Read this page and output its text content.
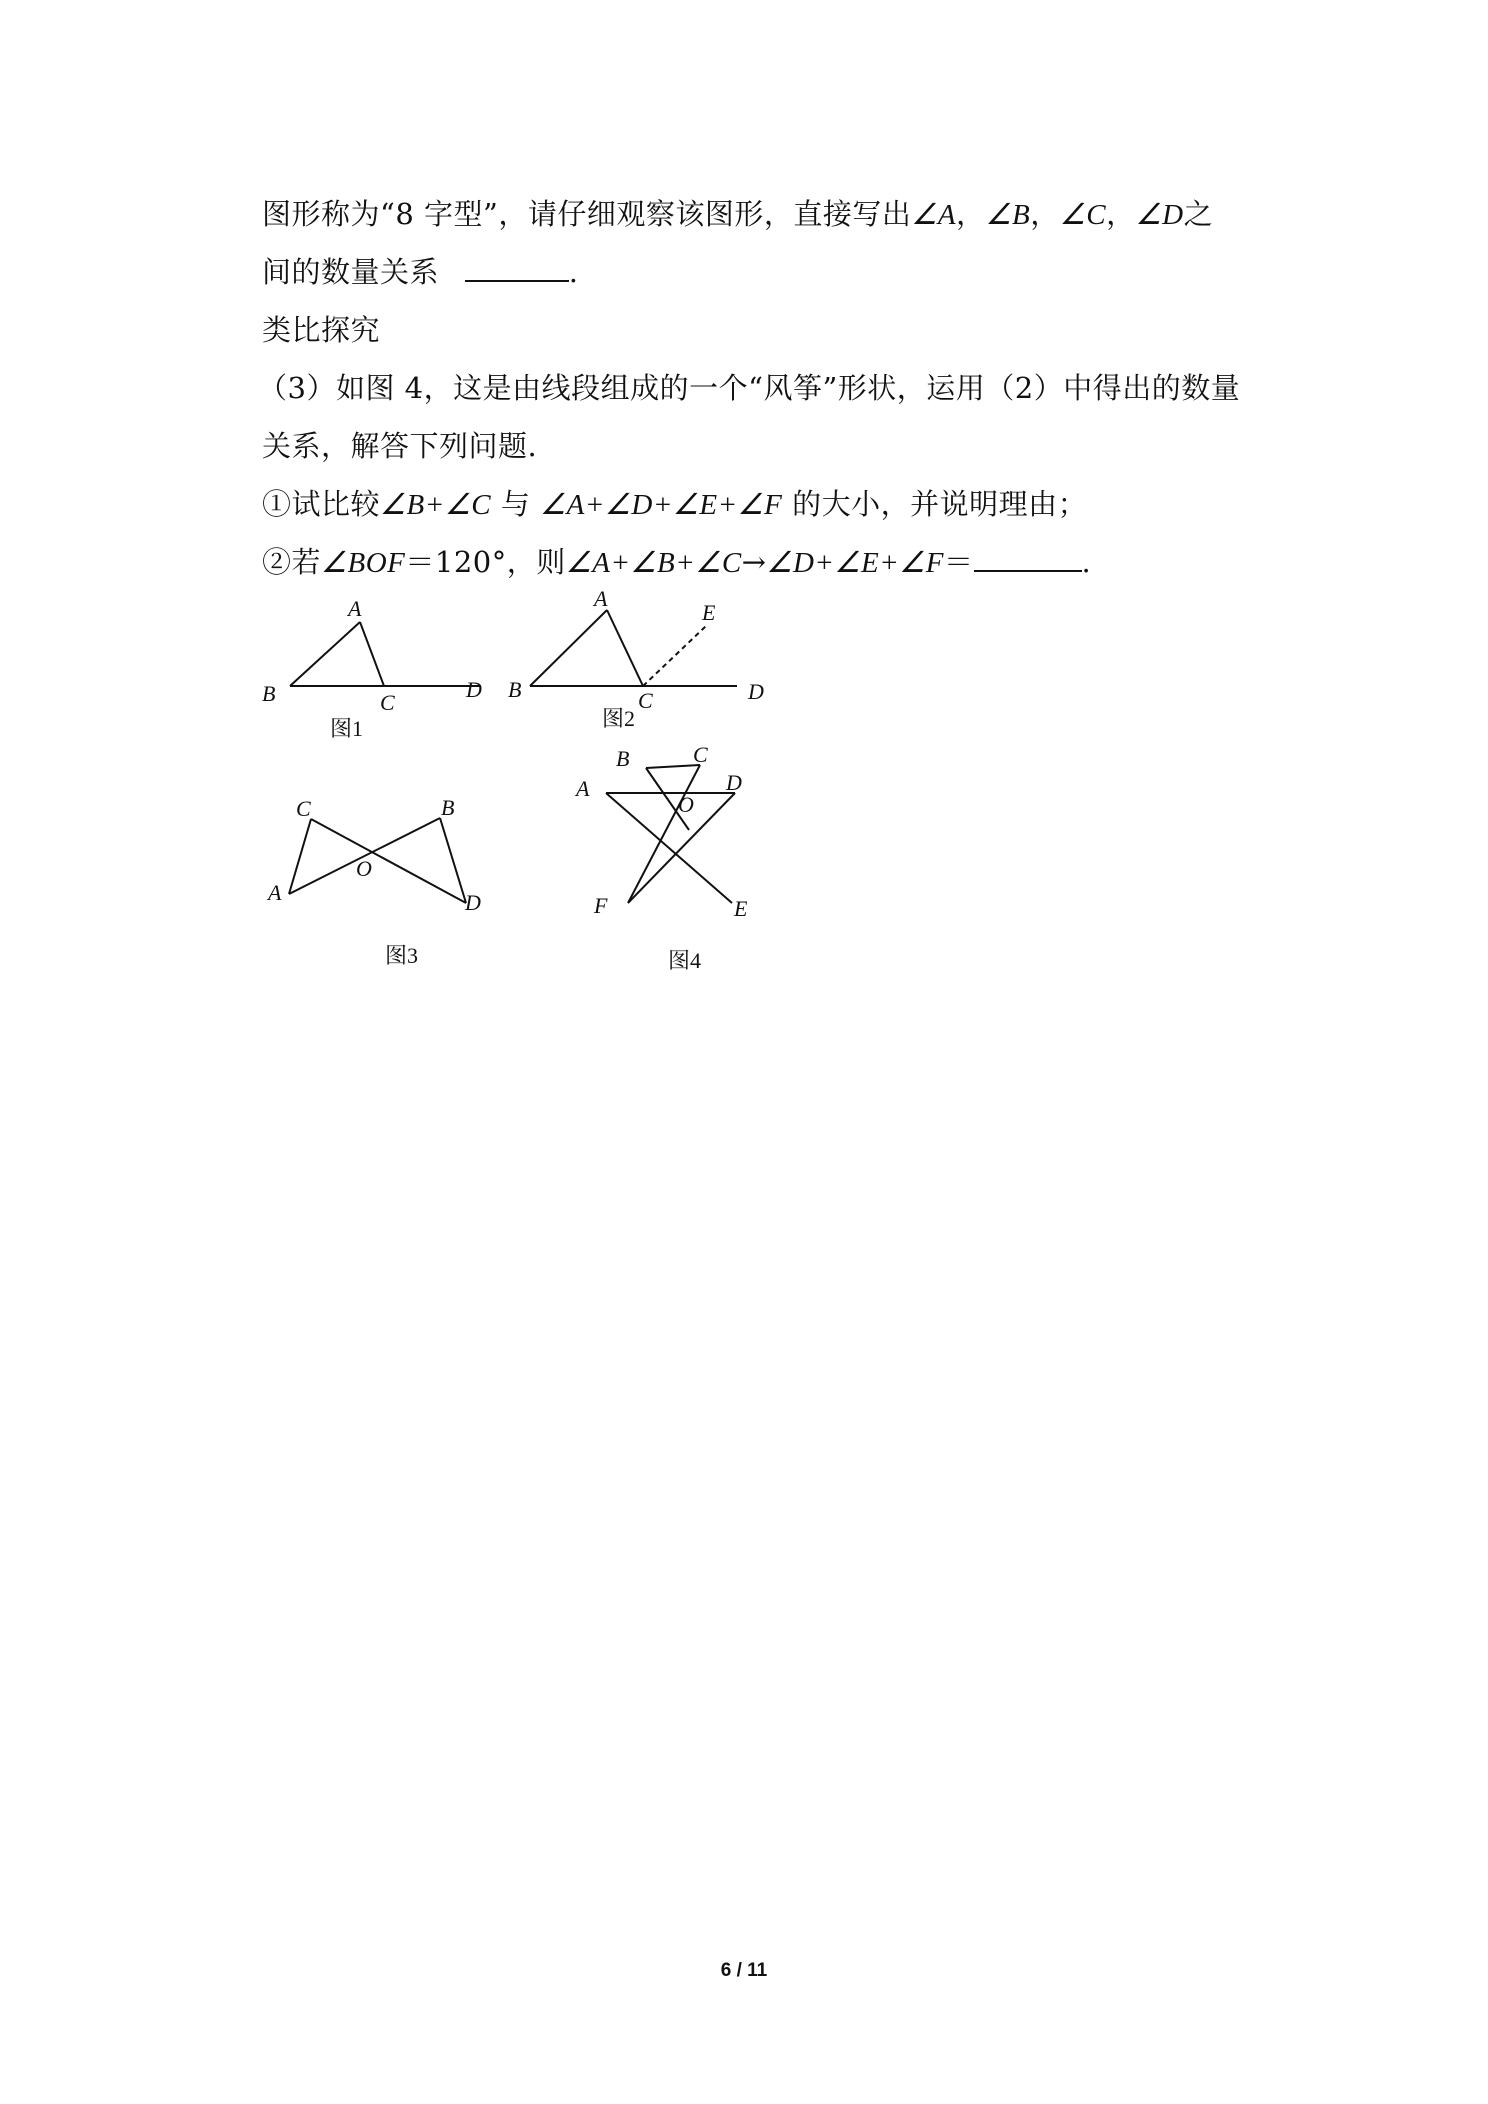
图形称为“8 字型”，请仔细观察该图形，直接写出∠A，∠B，∠C，∠D之
间的数量关系	.
类比探究
（3）如图 4，这是由线段组成的一个“风筝”形状，运用（2）中得出的数量
关系，解答下列问题.
①试比较∠B+∠C 与 ∠A+∠D+∠E+∠F 的大小，并说明理由；
②若∠BOF＝120°，则∠A+∠B+∠C→∠D+∠E+∠F＝	.
A
B	C
D
图1
A
B	C	D
E
图2
C	B
A	D
O
图3
A
B	C
D
O
F	E
图4
6 / 11
